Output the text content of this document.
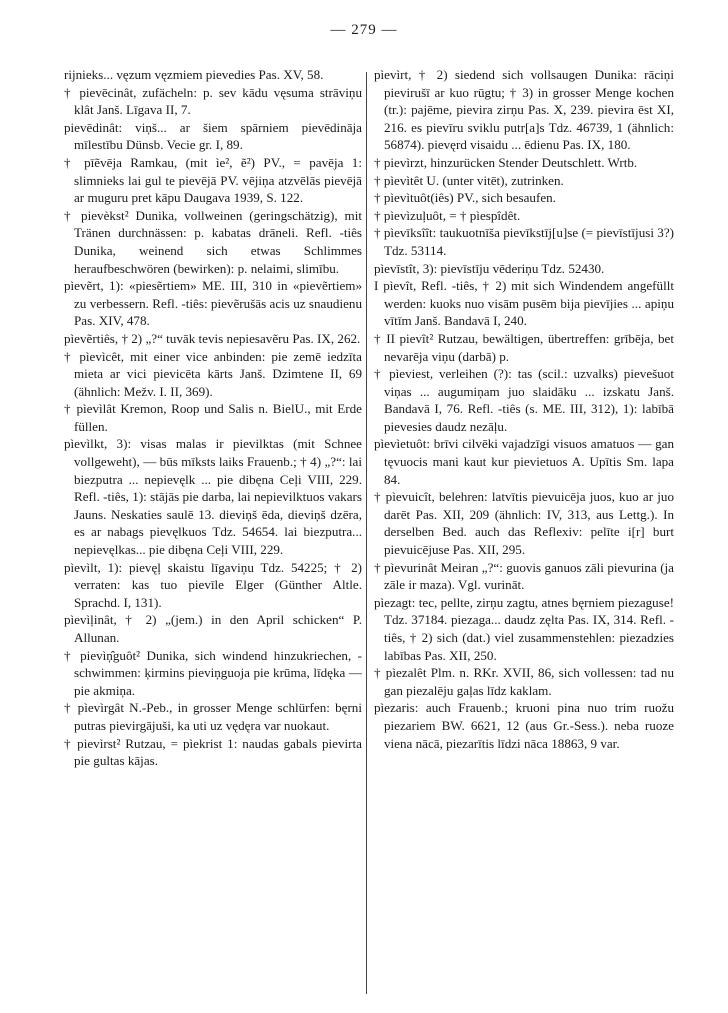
— 279 —

rijnieks... vęzum vęzmiem pievedies Pas. XV, 58.

† pievēcinât, zufächeln: p. sev kādu vęsuma strāviņu klât Janš. Līgava II, 7.

pievēdinât: viņš... ar šiem spārniem pievēdināja mīlestību Dünsb. Vecie gr. I, 89.

† pīẽvēja Ramkau, (mit ìe², ẽ²) PV., = pavēja 1: slimnieks lai gul te pievējā PV. vējiņa atzvēlās pievējā ar muguru pret kāpu Daugava 1939, S. 122.

† pievèkst² Dunika, vollweinen (geringschätzig), mit Tränen durchnässen: p. kabatas drāneli. Refl. -tiês Dunika, weinend sich etwas Schlimmes heraufbeschwören (bewirken): p. nelaimi, slimību.

pìevẽrt, 1): «piesẽrtiem» ME. III, 310 in «pievẽrtiem» zu verbessern. Refl. -tiês: pievẽrušās acis uz snaudienu Pas. XIV, 478.

pìevẽrtiês, † 2) „?“ tuvāk tevis nepiesavẽru Pas. IX, 262.

† pìevìcêt, mit einer vice anbinden: pie zemē iedzīta mieta ar vici pievicēta kārts Janš. Dzimtene II, 69 (ähnlich: Mežv. I. II, 369).

† pìevìlât Kremon, Roop und Salis n. BielU., mit Erde füllen.

pìevìlkt, 3): visas malas ir pievilktas (mit Schnee vollgeweht), — būs mīksts laiks Frauenb.; † 4) „?“: lai biezputra ... nepievęlk ... pie dibęna Ceļi VIII, 229. Refl. -tiês, 1): stājās pie darba, lai nepievilktuos vakars Jauns. Neskaties saulē 13. dieviņš ēda, dieviņš dzēra, es ar nabags pievęlkuos Tdz. 54654. lai biezputra... nepievęlkas... pie dibęna Ceļi VIII, 229.

pìevìlt, 1): pievęļ skaistu līgaviņu Tdz. 54225; † 2) verraten: kas tuo pievīle Elger (Günther Altle. Sprachd. I, 131).

pìevìļinât, † 2) „(jem.) in den April schicken“ P. Allunan.

† pievìņ̂guôt² Dunika, sich windend hinzukriechen, -schwimmen: ķirmins pieviņguoja pie krūma, līdęka — pie akmiņa.

† pìevìrgât N.-Peb., in grosser Menge schlürfen: bęrni putras pievirgājuši, ka uti uz vędęra var nuokaut.

† pievìrst² Rutzau, = pìekrist 1: naudas gabals pievirta pie gultas kājas.

pìevìrt, † 2) siedend sich vollsaugen Dunika: rāciņi pievirušī ar kuo rūgtu; † 3) in grosser Menge kochen (tr.): pajēme, pievira zirņu Pas. X, 239. pievira ēst XI, 216. es pievīru sviklu putr[a]s Tdz. 46739, 1 (ähnlich: 56874). pievęrd visaidu ... ēdienu Pas. IX, 180.

† pievìrzt, hinzurücken Stender Deutschlett. Wrtb.

† pìevìtêt U. (unter vitēt), zutrinken.

† pìevìtuôt(iês) PV., sich besaufen.

† pìevìzuļuôt, = † pìespîdêt.

† pìevīksîît: taukuotnīša pievīkstīj[u]se (= pievīstījusi 3?) Tdz. 53114.

pìevīstît, 3): pievīstīju vēderiņu Tdz. 52430.

I pìevît, Refl. -tiês, † 2) mit sich Windendem angefüllt werden: kuoks nuo visām pusēm bija pievījies ... apiņu vītīm Janš. Bandavā I, 240.

† II pievît² Rutzau, bewältigen, übertreffen: grībēja, bet nevarēja viņu (darbā) p.

† pìeviest, verleihen (?): tas (scil.: uzvalks) pievešuot viņas ... augumiņam juo slaidāku ... izskatu Janš. Bandavā I, 76. Refl. -tiês (s. ME. III, 312), 1): labībā pievesies daudz nezāļu.

pìevìetuôt: brīvi cilvēki vajadzīgi visuos amatuos — gan tęvuocis mani kaut kur pievietuos A. Upītis Sm. lapa 84.

† pìevuicît, belehren: latvītis pievuicēja juos, kuo ar juo darēt Pas. XII, 209 (ähnlich: IV, 313, aus Lettg.). In derselben Bed. auch das Reflexiv: pelīte i[r] burt pievuicējuse Pas. XII, 295.

† pìevurinât Meiran „?“: guovis ganuos zāli pievurina (ja zāle ir maza). Vgl. vurināt.

pìezagt: tec, pellte, zirņu zagtu, atnes bęrniem piezaguse! Tdz. 37184. piezaga... daudz zęlta Pas. IX, 314. Refl. -tiês, † 2) sich (dat.) viel zusammenstehlen: piezadzies labības Pas. XII, 250.

† pìezalêt Plm. n. RKr. XVII, 86, sich vollessen: tad nu gan piezalēju gaļas līdz kaklam.

pìezaris: auch Frauenb.; kruoni pina nuo trim ruožu piezariem BW. 6621, 12 (aus Gr.-Sess.). neba ruoze viena nācā, piezarītis līdzi nāca 18863, 9 var.
